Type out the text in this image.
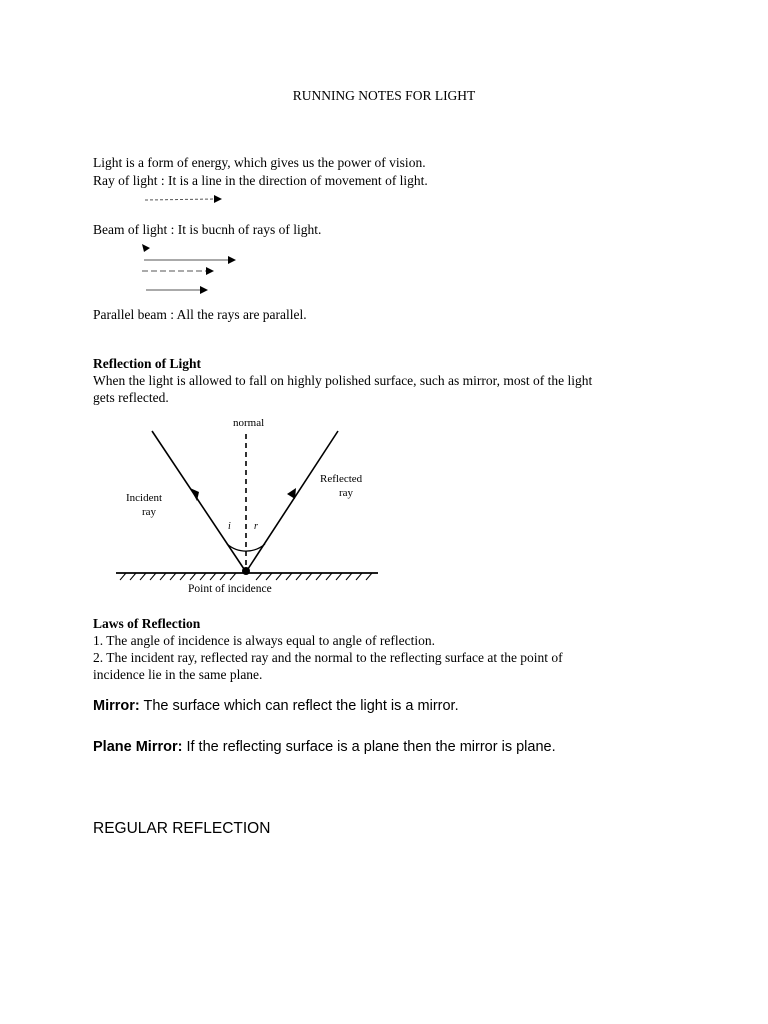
RUNNING NOTES FOR LIGHT

Light is a form of energy, which gives us the power of vision.

Ray of light : It is a line in the direction of movement of light.

Beam of light : It is bucnh of rays of light.

Parallel beam : All the rays are parallel.

Reflection of Light

When the light is allowed to fall on highly polished surface, such as mirror, most of the light

gets reflected.

normal
i r
Incident
ray
Reflected
ray
Point of incidence

Laws of Reflection

1. The angle of incidence is always equal to angle of reflection.

2. The incident ray, reflected ray and the normal to the reflecting surface at the point of

incidence lie in the same plane.

Mirror: The surface which can reflect the light is a mirror.

Plane Mirror: If the reflecting surface is a plane then the mirror is plane.

REGULAR REFLECTION
